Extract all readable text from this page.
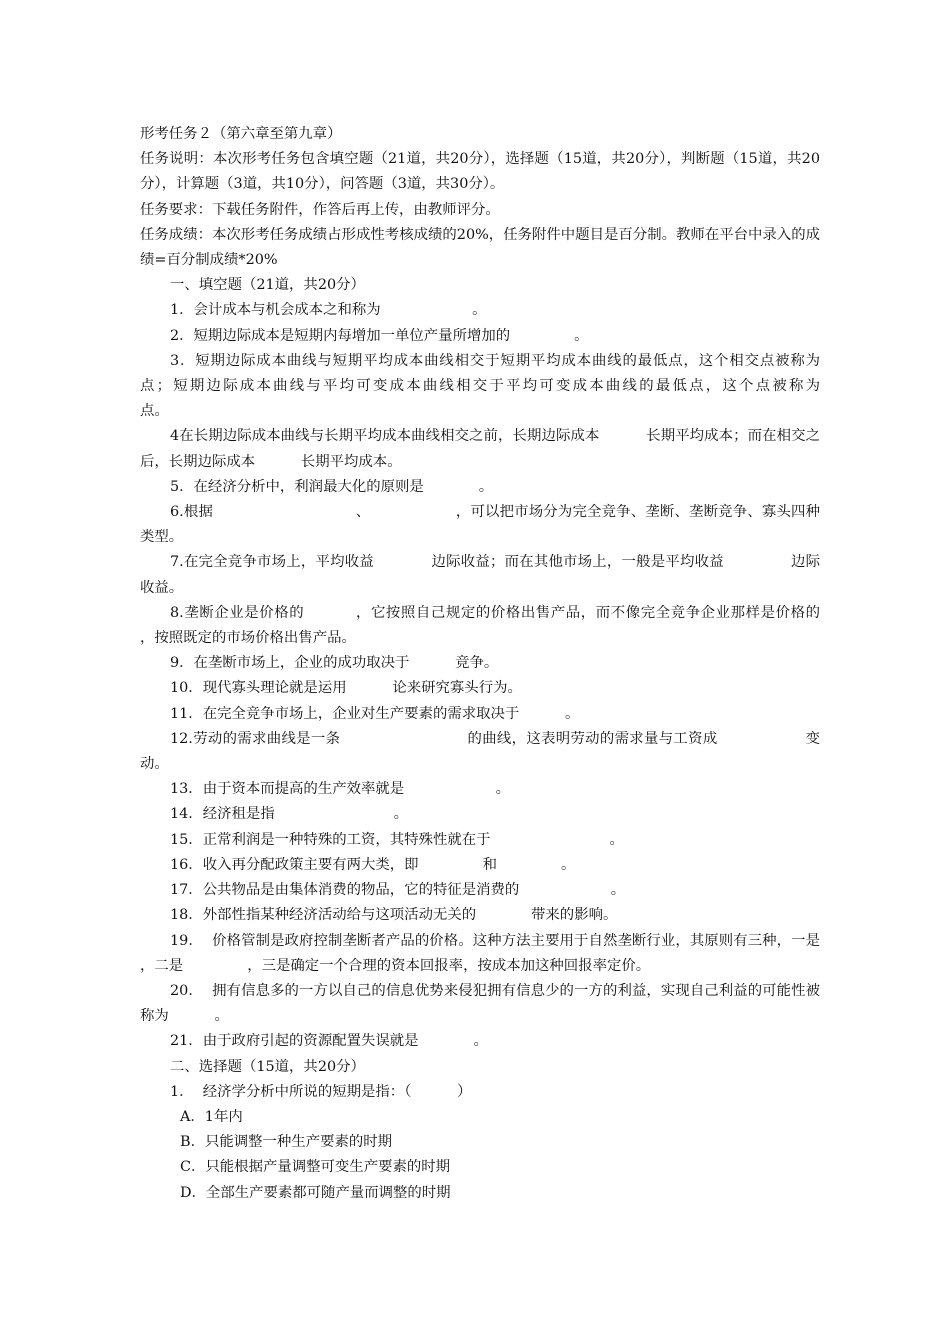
形考任务２（第六章至第九章）

任务说明：本次形考任务包含填空题（21道，共20分），选择题（15道，共20分），判断题（15道，共20分），计算题（3道，共10分），问答题（3道，共30分）。

任务要求：下载任务附件，作答后再上传，由教师评分。

任务成绩：本次形考任务成绩占形成性考核成绩的20%，任务附件中题目是百分制。教师在平台中录入的成绩=百分制成绩*20%

一、填空题（21道，共20分）

1．会计成本与机会成本之和称为                    。

2．短期边际成本是短期内每增加一单位产量所增加的              。

3．短期边际成本曲线与短期平均成本曲线相交于短期平均成本曲线的最低点，这个相交点被称为            点；短期边际成本曲线与平均可变成本曲线相交于平均可变成本曲线的最低点，这个点被称为              点。

4在长期边际成本曲线与长期平均成本曲线相交之前，长期边际成本          长期平均成本；而在相交之后，长期边际成本          长期平均成本。

5．在经济分析中，利润最大化的原则是            。

6.根据                              、                  ，可以把市场分为完全竞争、垄断、垄断竞争、寡头四种类型。

7.在完全竞争市场上，平均收益            边际收益；而在其他市场上，一般是平均收益              边际收益。

8.垄断企业是价格的          ，它按照自己规定的价格出售产品，而不像完全竞争企业那样是价格的              ，按照既定的市场价格出售产品。

9．在垄断市场上，企业的成功取决于          竞争。

10．现代寡头理论就是运用          论来研究寡头行为。

11．在完全竞争市场上，企业对生产要素的需求取决于          。

12.劳动的需求曲线是一条                          的曲线，这表明劳动的需求量与工资成                  变动。

13．由于资本而提高的生产效率就是                    。

14．经济租是指                          。

15．正常利润是一种特殊的工资，其特殊性就在于                          。

16．收入再分配政策主要有两大类，即              和              。

17．公共物品是由集体消费的物品，它的特征是消费的                    。

18．外部性指某种经济活动给与这项活动无关的            带来的影响。

19．  价格管制是政府控制垄断者产品的价格。这种方法主要用于自然垄断行业，其原则有三种，一是              ，二是              ，三是确定一个合理的资本回报率，按成本加这种回报率定价。

20．  拥有信息多的一方以自己的信息优势来侵犯拥有信息少的一方的利益，实现自己利益的可能性被称为          。

21．由于政府引起的资源配置失误就是            。

二、选择题（15道，共20分）

1．  经济学分析中所说的短期是指：（          ）

A．1年内

B．只能调整一种生产要素的时期

C．只能根据产量调整可变生产要素的时期

D．全部生产要素都可随产量而调整的时期
